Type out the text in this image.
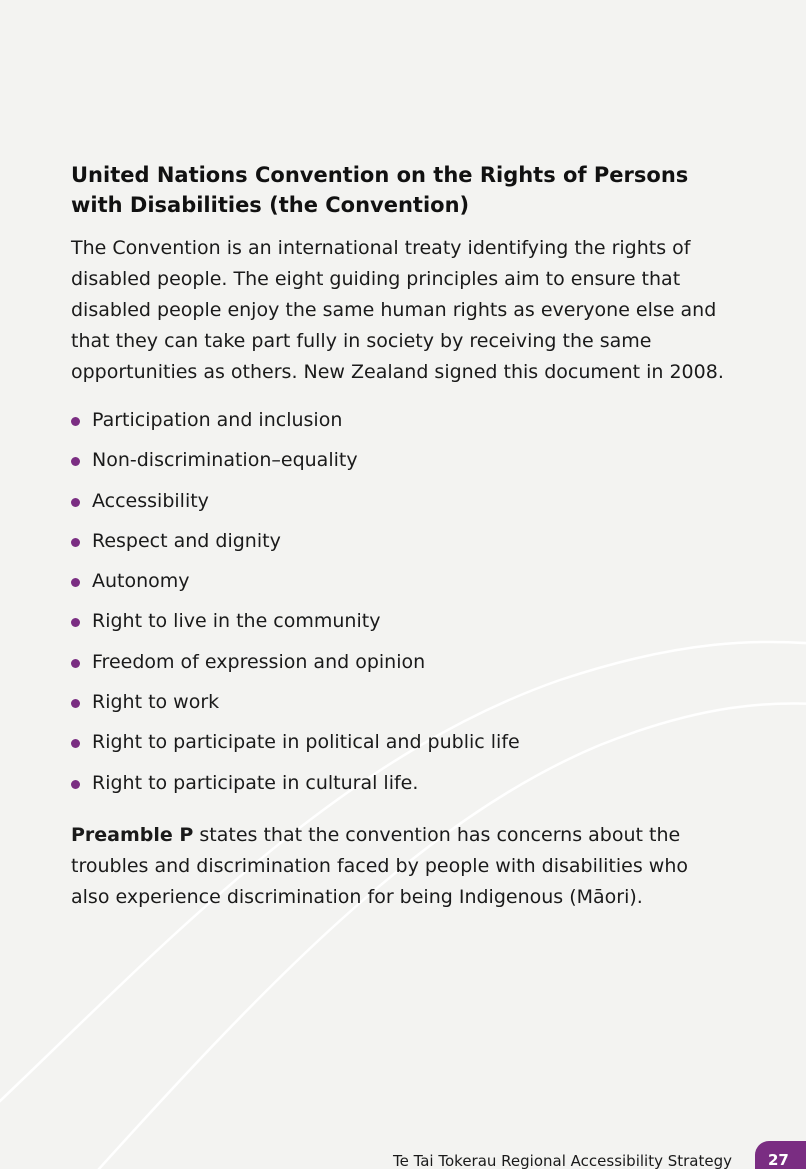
United Nations Convention on the Rights of Persons with Disabilities (the Convention)

The Convention is an international treaty identifying the rights of disabled people. The eight guiding principles aim to ensure that disabled people enjoy the same human rights as everyone else and that they can take part fully in society by receiving the same opportunities as others. New Zealand signed this document in 2008.

Participation and inclusion
Non-discrimination–equality
Accessibility
Respect and dignity
Autonomy
Right to live in the community
Freedom of expression and opinion
Right to work
Right to participate in political and public life
Right to participate in cultural life.

Preamble P states that the convention has concerns about the troubles and discrimination faced by people with disabilities who also experience discrimination for being Indigenous (Māori).

Te Tai Tokerau Regional Accessibility Strategy 27
